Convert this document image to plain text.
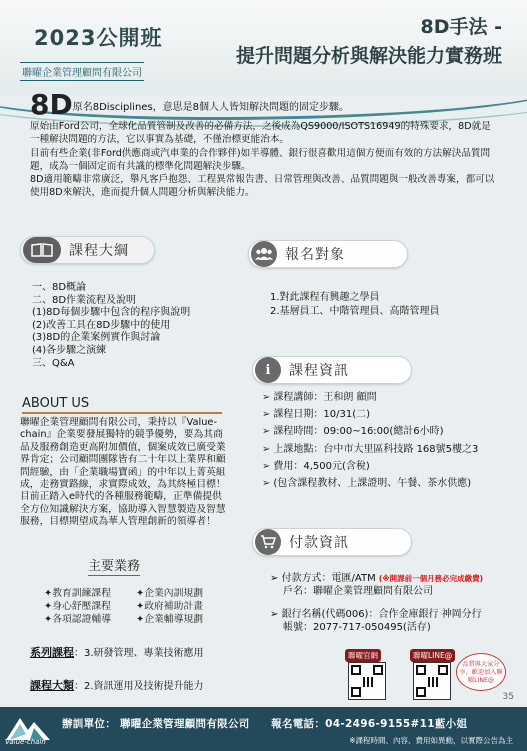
2023公開班
聯曜企業管理顧問有限公司
8D手法 -
提升問題分析與解決能力實務班
8D原名8Disciplines，意思是8個人人皆知解決問題的固定步驟。

原始由Ford公司，全球化品質管制及改善的必備方法，之後成為QS9000/ISOTS16949的特殊要求，8D就是一種解決問題的方法，它以事實為基礎，不僅治標更能治本。

目前有些企業(非Ford供應商或汽車業的合作夥伴)如半導體、銀行很喜歡用這個方便而有效的方法解決品質問題，成為一個固定而有共識的標準化問題解決步驟。

8D適用範疇非常廣泛，舉凡客戶抱怨、工程異常報告書、日常管理與改善、品質問題與一般改善專案，都可以使用8D來解決，進而提升個人問題分析與解決能力。

課程大綱
一、8D概論
二、8D作業流程及說明
(1)8D每個步驟中包含的程序與說明
(2)改善工具在8D步驟中的使用
(3)8D的企業案例實作與討論
(4)各步驟之演練
三、Q&A
報名對象
1.對此課程有興趣之學員
2.基層員工、中階管理員、高階管理員
ABOUT US
聯曜企業管理顧問有限公司，秉持以『Value-chain』企業要發展獨特的競爭優勢，要為其商品及服務創造更高附加價值，個案成效已廣受業界肯定；公司顧問團隊皆有二十年以上業界和顧問經驗，由「企業職場寶函」的中年以上菁英組成，走務實路線，求實際成效，為其終極目標！目前正踏入e時代的各種服務範疇，正準備提供全方位知識解決方案，協助導入智慧製造及智慧服務，目標期望成為華人管理創新的領導者！
主要業務
✦教育訓練課程	✦企業內訓規劃
✦身心舒壓課程	✦政府補助計畫
✦各項認證輔導	✦企業輔導規劃
系列課程：3.研發管理、專業技術應用
課程大類：2.資訊運用及技術提升能力
i	課程資訊
➢ 課程講師：王和朗 顧問
➢ 課程日期：10/31(二)
➢ 課程時間：09:00~16:00(總計6小時)
➢ 上課地點：台中市大里區科技路 168號5樓之3
➢ 費用：4,500元(含稅)
➢ (包含課程教材、上課證明、午餐、茶水供應)
付款資訊
➢ 付款方式：電匯/ATM (※開課前一個月務必完成繳費)
戶名：聯曜企業管理顧問有限公司
➢ 銀行名稱(代碼006)：合作金庫銀行 神岡分行
帳號：2077-717-050495(活存)
聯曜官網	聯曜LINE@
品質與大家分享，歡迎加入聯曜LINE@
35
Value-chain
辦訓單位： 聯曜企業管理顧問有限公司　　報名電話：04-2496-9155#11藍小姐
※課程時間、內容、費用如異動，以實際公告為主
